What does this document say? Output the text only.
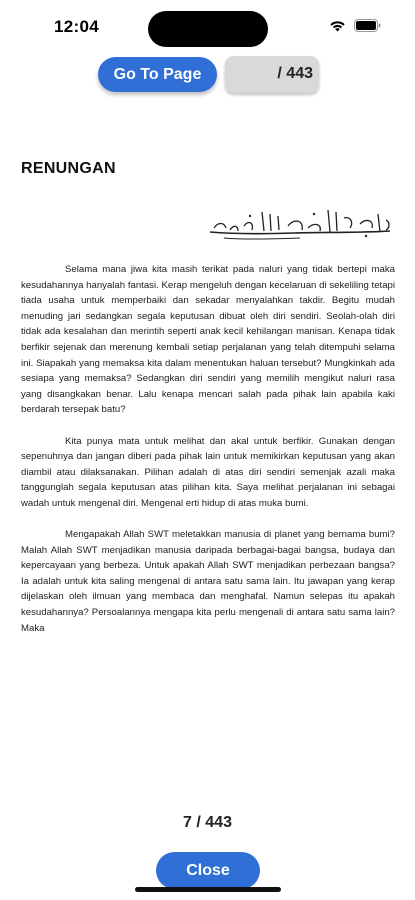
12:04
Go To Page	/ 443
RENUNGAN

Selama mana jiwa kita masih terikat pada naluri yang tidak bertepi maka kesudahannya hanyalah fantasi. Kerap mengeluh dengan kecelaruan di sekeliling tetapi tiada usaha untuk memperbaiki dan sekadar menyalahkan takdir. Begitu mudah menuding jari sedangkan segala keputusan dibuat oleh diri sendiri. Seolah-olah diri tidak ada kesalahan dan merintih seperti anak kecil kehilangan manisan. Kenapa tidak berfikir sejenak dan merenung kembali setiap perjalanan yang telah ditempuhi selama ini. Siapakah yang memaksa kita dalam menentukan haluan tersebut? Mungkinkah ada sesiapa yang memaksa? Sedangkan diri sendiri yang memilih mengikut naluri rasa yang disangkakan benar. Lalu kenapa mencari salah pada pihak lain apabila kaki berdarah tersepak batu?

Kita punya mata untuk melihat dan akal untuk berfikir. Gunakan dengan sepenuhnya dan jangan diberi pada pihak lain untuk memikirkan keputusan yang akan diambil atau dilaksanakan. Pilihan adalah di atas diri sendiri semenjak azali maka tanggunglah segala keputusan atas pilihan kita. Saya melihat perjalanan ini sebagai wadah untuk mengenal diri. Mengenal erti hidup di atas muka bumi.

Mengapakah Allah SWT meletakkan manusia di planet yang bernama bumi? Malah Allah SWT menjadikan manusia daripada berbagai-bagai bangsa, budaya dan kepercayaan yang berbeza. Untuk apakah Allah SWT menjadikan perbezaan bangsa? Ia adalah untuk kita saling mengenal di antara satu sama lain. Itu jawapan yang kerap dijelaskan oleh ilmuan yang membaca dan menghafal. Namun selepas itu apakah kesudahannya? Persoalannya mengapa kita perlu mengenali di antara satu sama lain? Maka

7 / 443
Close
